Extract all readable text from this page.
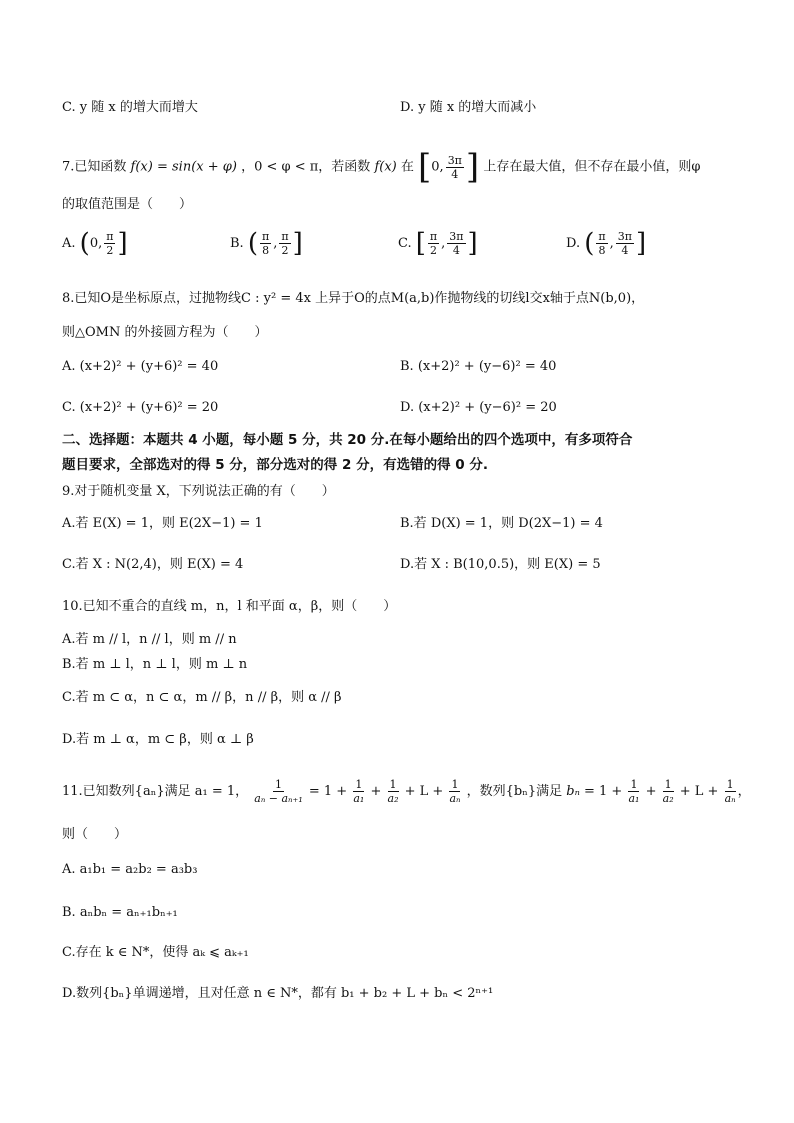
C. y 随 x 的增大而增大	D. y 随 x 的增大而减小
7.已知函数 f(x) = sin(x + φ) ，0 < φ < π，若函数 f(x) 在 [0, $\frac{3\pi}{4}$ ] 上存在最大值，但不存在最小值，则φ
的取值范围是（　　）
A. (0, $\frac{\pi}{2}$ ]	B. ( $\frac{\pi}{8}$ , $\frac{\pi}{2}$ ]	C. [ $\frac{\pi}{2}$ , $\frac{3\pi}{4}$ ]	D. ( $\frac{\pi}{8}$ , $\frac{3\pi}{4}$ ]
8.已知O是坐标原点，过抛物线C : y² = 4x 上异于O的点M(a,b)作抛物线的切线l交x轴于点N(b,0)，
则△OMN 的外接圆方程为（　　）
A. (x+2)² + (y+6)² = 40	B. (x+2)² + (y−6)² = 40
C. (x+2)² + (y+6)² = 20	D. (x+2)² + (y−6)² = 20
二、选择题：本题共 4 小题，每小题 5 分，共 20 分.在每小题给出的四个选项中，有多项符合
题目要求，全部选对的得 5 分，部分选对的得 2 分，有选错的得 0 分.
9.对于随机变量 X，下列说法正确的有（　　）
A.若 E(X) = 1，则 E(2X−1) = 1	B.若 D(X) = 1，则 D(2X−1) = 4
C.若 X : N(2,4)，则 E(X) = 4	D.若 X : B(10,0.5)，则 E(X) = 5
10.已知不重合的直线 m，n，l 和平面 α，β，则（　　）
A.若 m // l，n // l，则 m // n
B.若 m ⊥ l，n ⊥ l，则 m ⊥ n
C.若 m ⊂ α，n ⊂ α，m // β，n // β，则 α // β
D.若 m ⊥ α，m ⊂ β，则 α ⊥ β
11.已知数列{aₙ}满足 a₁ = 1， $\frac{1}{\text{aₙ − aₙ₊₁}} = 1 + \frac{1}{\text{a₁}} + \frac{1}{\text{a₂}} + L + \frac{1}{\text{aₙ}}$ ，数列{bₙ}满足 $b_n = 1 + \frac{1}{\text{a₁}} + \frac{1}{\text{a₂}} + L + \frac{1}{\text{aₙ}}$ ，
则（　　）
A. a₁b₁ = a₂b₂ = a₃b₃
B. aₙbₙ = aₙ₊₁bₙ₊₁
C.存在 k ∈ N*，使得 aₖ ⩽ aₖ₊₁
D.数列{bₙ}单调递增，且对任意 n ∈ N*，都有 b₁ + b₂ + L + bₙ < 2ⁿ⁺¹
